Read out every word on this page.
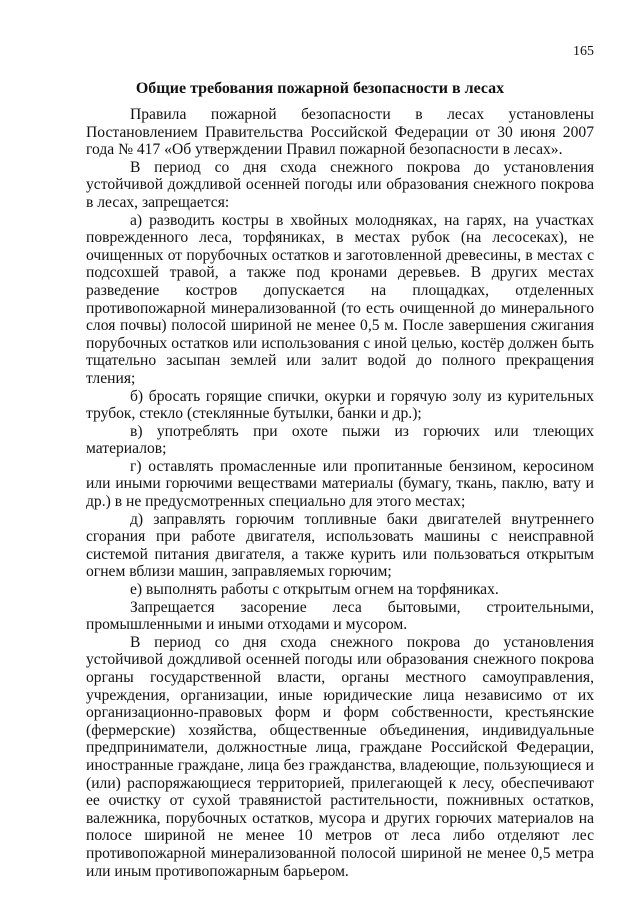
165
Общие требования пожарной безопасности в лесах

Правила пожарной безопасности в лесах установлены Постановлением Правительства Российской Федерации от 30 июня 2007 года № 417 «Об утверждении Правил пожарной безопасности в лесах».

В период со дня схода снежного покрова до установления устойчивой дождливой осенней погоды или образования снежного покрова в лесах, запрещается:

а) разводить костры в хвойных молодняках, на гарях, на участках поврежденного леса, торфяниках, в местах рубок (на лесосеках), не очищенных от порубочных остатков и заготовленной древесины, в местах с подсохшей травой, а также под кронами деревьев. В других местах разведение костров допускается на площадках, отделенных противопожарной минерализованной (то есть очищенной до минерального слоя почвы) полосой шириной не менее 0,5 м. После завершения сжигания порубочных остатков или использования с иной целью, костёр должен быть тщательно засыпан землей или залит водой до полного прекращения тления;

б) бросать горящие спички, окурки и горячую золу из курительных трубок, стекло (стеклянные бутылки, банки и др.);

в) употреблять при охоте пыжи из горючих или тлеющих материалов;

г) оставлять промасленные или пропитанные бензином, керосином или иными горючими веществами материалы (бумагу, ткань, паклю, вату и др.) в не предусмотренных специально для этого местах;

д) заправлять горючим топливные баки двигателей внутреннего сгорания при работе двигателя, использовать машины с неисправной системой питания двигателя, а также курить или пользоваться открытым огнем вблизи машин, заправляемых горючим;

е) выполнять работы с открытым огнем на торфяниках.

Запрещается засорение леса бытовыми, строительными, промышленными и иными отходами и мусором.

В период со дня схода снежного покрова до установления устойчивой дождливой осенней погоды или образования снежного покрова органы государственной власти, органы местного самоуправления, учреждения, организации, иные юридические лица независимо от их организационно-правовых форм и форм собственности, крестьянские (фермерские) хозяйства, общественные объединения, индивидуальные предприниматели, должностные лица, граждане Российской Федерации, иностранные граждане, лица без гражданства, владеющие, пользующиеся и (или) распоряжающиеся территорией, прилегающей к лесу, обеспечивают ее очистку от сухой травянистой растительности, пожнивных остатков, валежника, порубочных остатков, мусора и других горючих материалов на полосе шириной не менее 10 метров от леса либо отделяют лес противопожарной минерализованной полосой шириной не менее 0,5 метра или иным противопожарным барьером.
